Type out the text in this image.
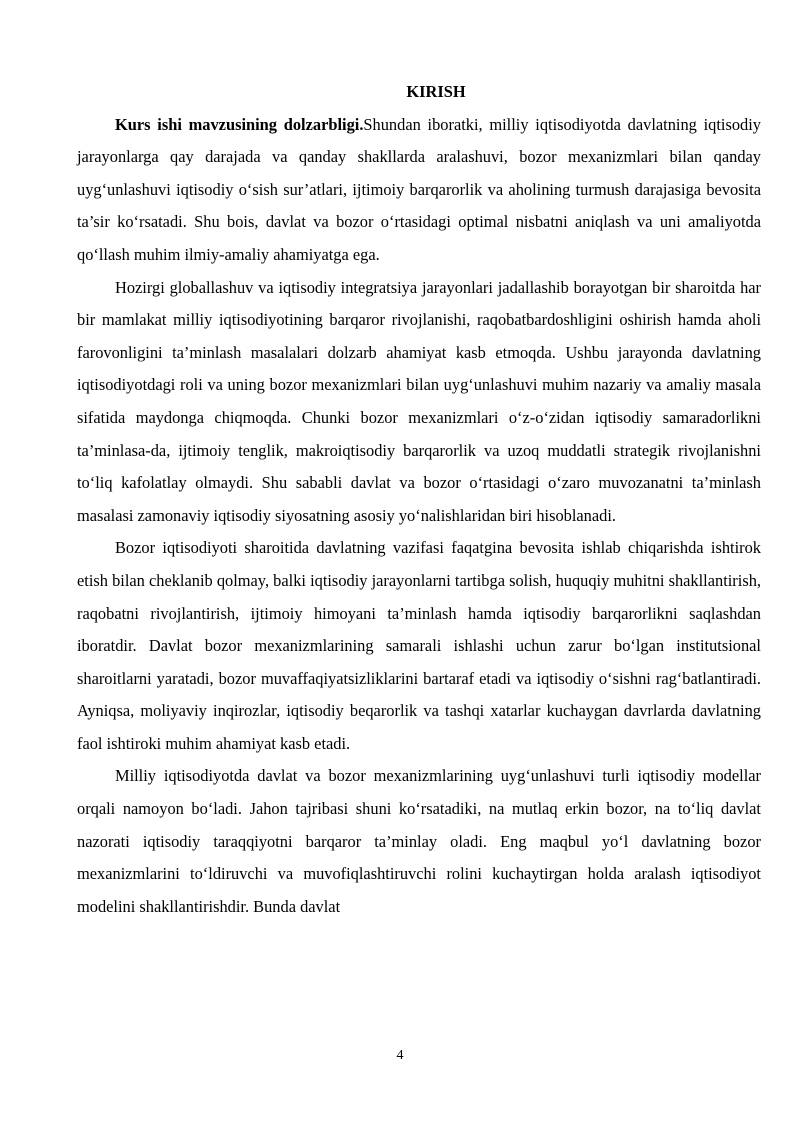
KIRISH

Kurs ishi mavzusining dolzarbligi.Shundan iboratki, milliy iqtisodiyotda davlatning iqtisodiy jarayonlarga qay darajada va qanday shakllarda aralashuvi, bozor mexanizmlari bilan qanday uyg‘unlashuvi iqtisodiy o‘sish sur’atlari, ijtimoiy barqarorlik va aholining turmush darajasiga bevosita ta’sir ko‘rsatadi. Shu bois, davlat va bozor o‘rtasidagi optimal nisbatni aniqlash va uni amaliyotda qo‘llash muhim ilmiy-amaliy ahamiyatga ega.

Hozirgi globallashuv va iqtisodiy integratsiya jarayonlari jadallashib borayotgan bir sharoitda har bir mamlakat milliy iqtisodiyotining barqaror rivojlanishi, raqobatbardoshligini oshirish hamda aholi farovonligini ta’minlash masalalari dolzarb ahamiyat kasb etmoqda. Ushbu jarayonda davlatning iqtisodiyotdagi roli va uning bozor mexanizmlari bilan uyg‘unlashuvi muhim nazariy va amaliy masala sifatida maydonga chiqmoqda. Chunki bozor mexanizmlari o‘z-o‘zidan iqtisodiy samaradorlikni ta’minlasa-da, ijtimoiy tenglik, makroiqtisodiy barqarorlik va uzoq muddatli strategik rivojlanishni to‘liq kafolatlay olmaydi. Shu sababli davlat va bozor o‘rtasidagi o‘zaro muvozanatni ta’minlash masalasi zamonaviy iqtisodiy siyosatning asosiy yo‘nalishlaridan biri hisoblanadi.

Bozor iqtisodiyoti sharoitida davlatning vazifasi faqatgina bevosita ishlab chiqarishda ishtirok etish bilan cheklanib qolmay, balki iqtisodiy jarayonlarni tartibga solish, huquqiy muhitni shakllantirish, raqobatni rivojlantirish, ijtimoiy himoyani ta’minlash hamda iqtisodiy barqarorlikni saqlashdan iboratdir. Davlat bozor mexanizmlarining samarali ishlashi uchun zarur bo‘lgan institutsional sharoitlarni yaratadi, bozor muvaffaqiyatsizliklarini bartaraf etadi va iqtisodiy o‘sishni rag‘batlantiradi. Ayniqsa, moliyaviy inqirozlar, iqtisodiy beqarorlik va tashqi xatarlar kuchaygan davrlarda davlatning faol ishtiroki muhim ahamiyat kasb etadi.

Milliy iqtisodiyotda davlat va bozor mexanizmlarining uyg‘unlashuvi turli iqtisodiy modellar orqali namoyon bo‘ladi. Jahon tajribasi shuni ko‘rsatadiki, na mutlaq erkin bozor, na to‘liq davlat nazorati iqtisodiy taraqqiyotni barqaror ta’minlay oladi. Eng maqbul yo‘l davlatning bozor mexanizmlarini to‘ldiruvchi va muvofiqlashtiruvchi rolini kuchaytirgan holda aralash iqtisodiyot modelini shakllantirishdir. Bunda davlat

4
